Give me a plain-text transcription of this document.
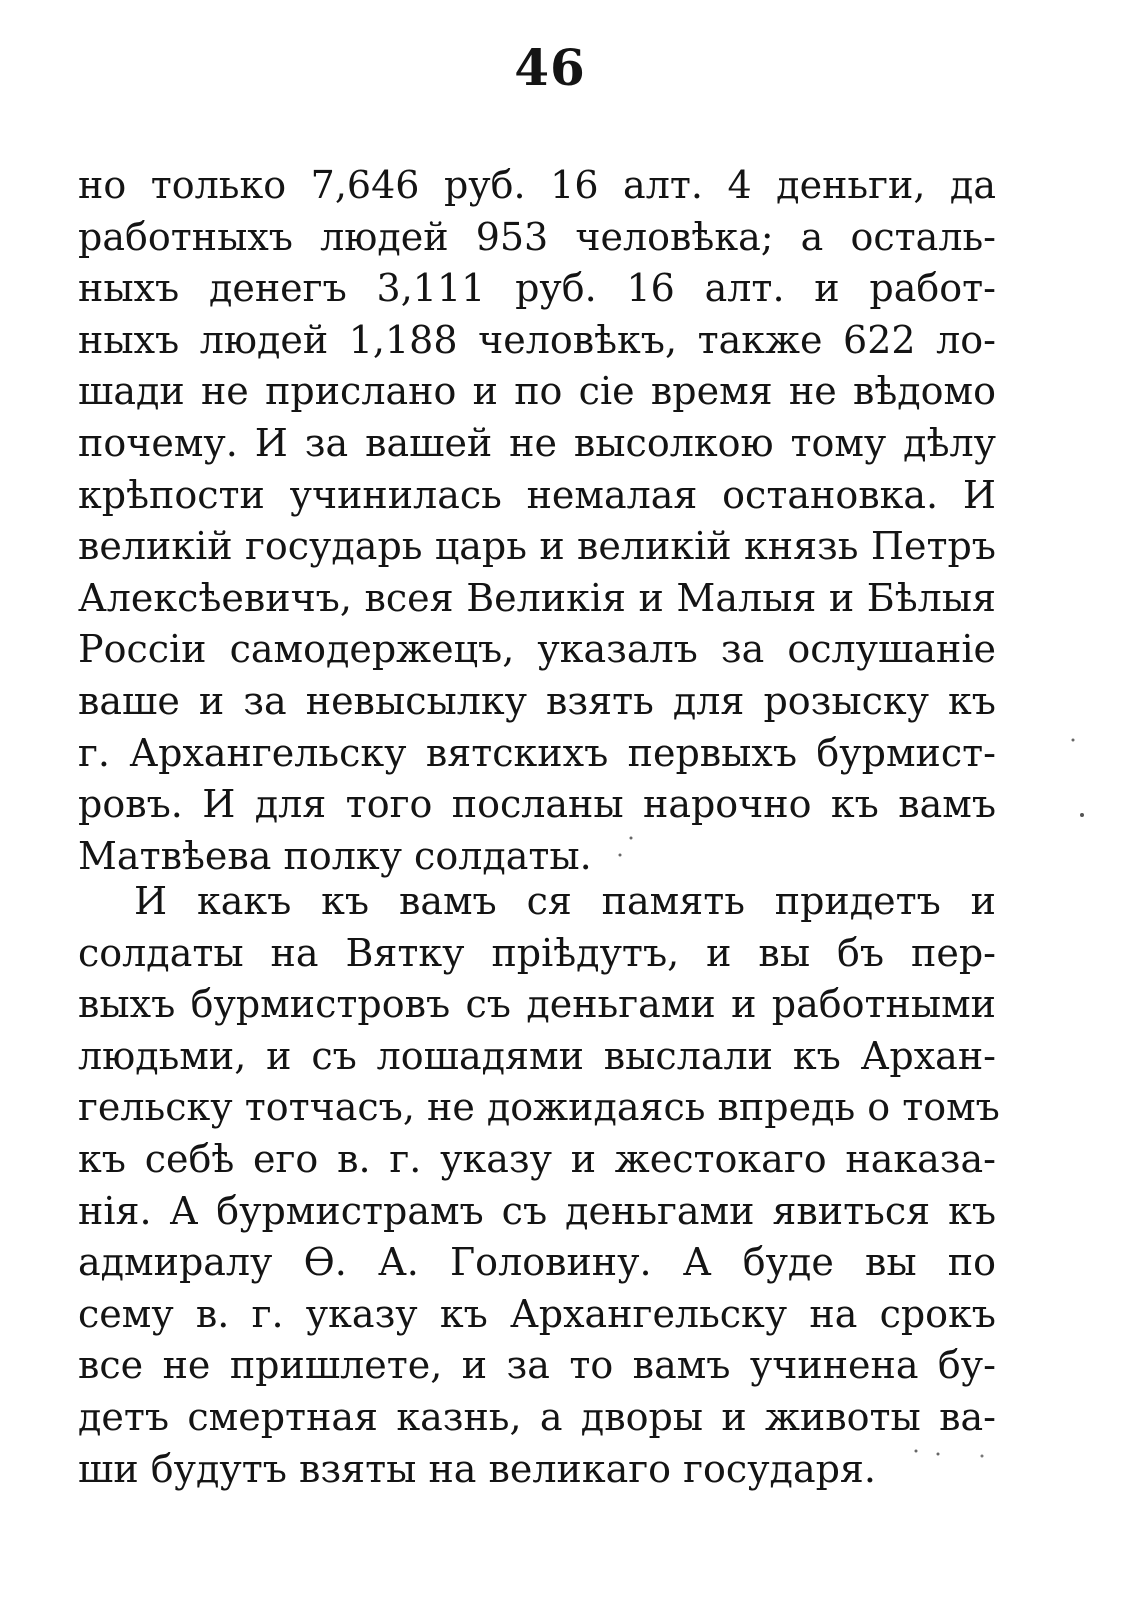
46
но только 7,646 руб. 16 алт. 4 деньги, да
работныхъ людей 953 человѣка; а осталь-
ныхъ денегъ 3,111 руб. 16 алт. и работ-
ныхъ людей 1,188 человѣкъ, также 622 ло-
шади не прислано и по сіе время не вѣдомо
почему. И за вашей не высолкою тому дѣлу
крѣпости учинилась немалая остановка. И
великій государь царь и великій князь Петръ
Алексѣевичъ, всея Великія и Малыя и Бѣлыя
Россіи самодержецъ, указалъ за ослушаніе
ваше и за невысылку взять для розыску къ
г. Архангельску вятскихъ первыхъ бурмист-
ровъ. И для того посланы нарочно къ вамъ
Матвѣева полку солдаты.
И какъ къ вамъ ся память придетъ и
солдаты на Вятку пріѣдутъ, и вы бъ пер-
выхъ бурмистровъ съ деньгами и работными
людьми, и съ лошадями выслали къ Архан-
гельску тотчасъ, не дожидаясь впредь о томъ
къ себѣ его в. г. указу и жестокаго наказа-
нія. А бурмистрамъ съ деньгами явиться къ
адмиралу Ѳ. А. Головину. А буде вы по
сему в. г. указу къ Архангельску на срокъ
все не пришлете, и за то вамъ учинена бу-
детъ смертная казнь, а дворы и животы ва-
ши будутъ взяты на великаго государя.
